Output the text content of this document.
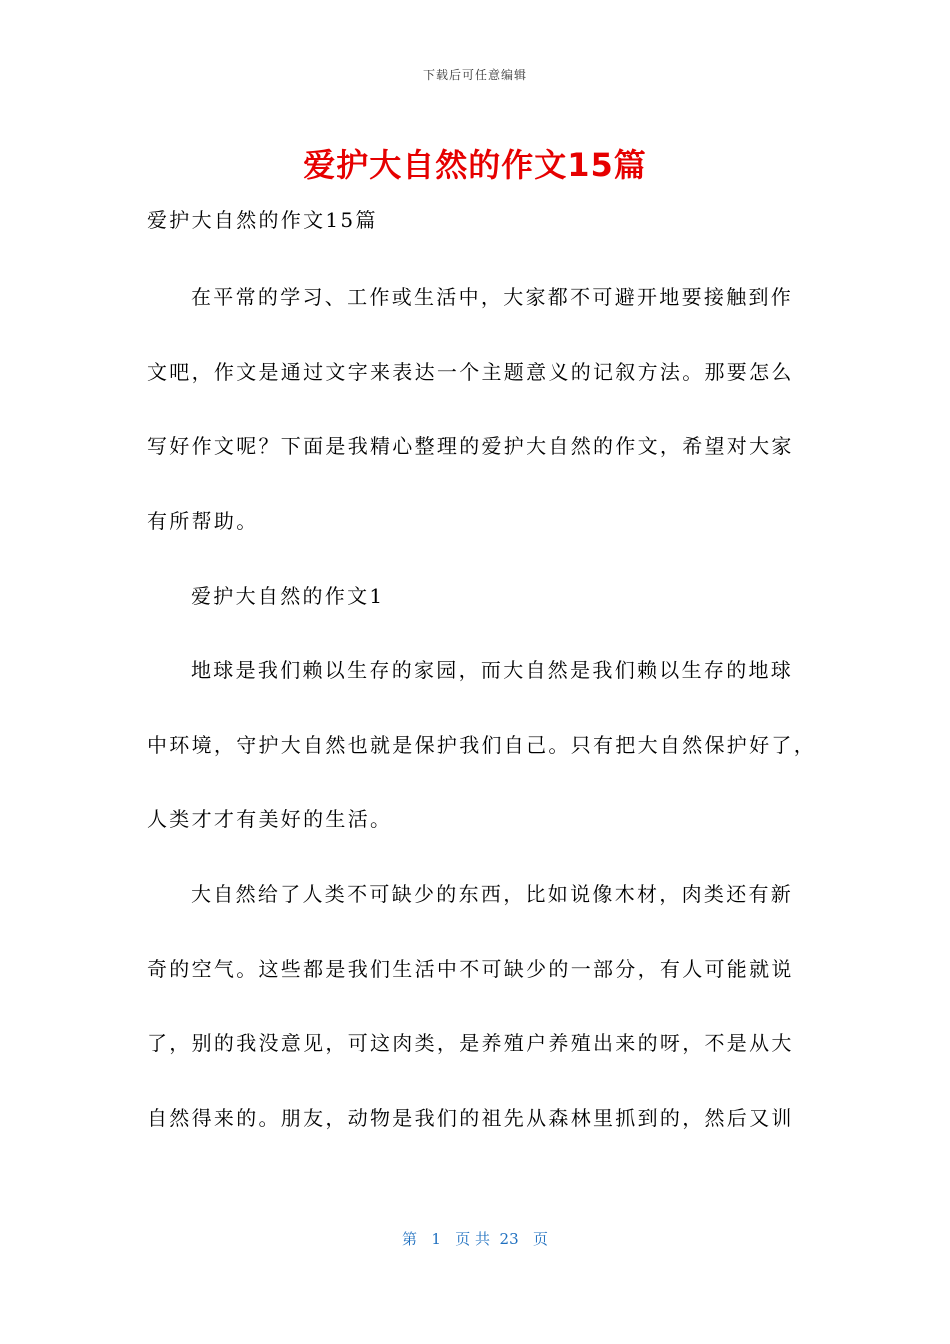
下载后可任意编辑
爱护大自然的作文15篇
爱护大自然的作文15篇
在平常的学习、工作或生活中，大家都不可避开地要接触到作
文吧，作文是通过文字来表达一个主题意义的记叙方法。那要怎么
写好作文呢？下面是我精心整理的爱护大自然的作文，希望对大家
有所帮助。
爱护大自然的作文1
地球是我们赖以生存的家园，而大自然是我们赖以生存的地球
中环境，守护大自然也就是保护我们自己。只有把大自然保护好了，
人类才才有美好的生活。
大自然给了人类不可缺少的东西，比如说像木材，肉类还有新
奇的空气。这些都是我们生活中不可缺少的一部分，有人可能就说
了，别的我没意见，可这肉类，是养殖户养殖出来的呀，不是从大
自然得来的。朋友，动物是我们的祖先从森林里抓到的，然后又训
第 1 页 共 23 页
